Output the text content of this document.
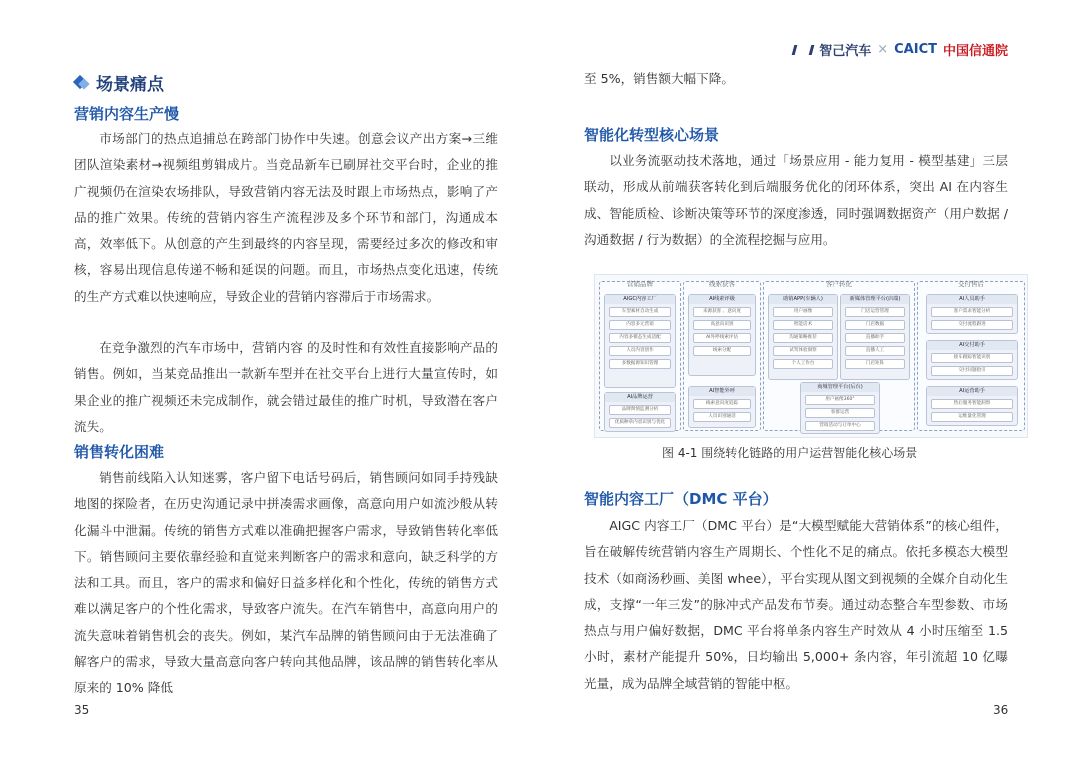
场景痛点
营销内容生产慢
市场部门的热点追捕总在跨部门协作中失速。创意会议产出方案→三维团队渲染素材→视频组剪辑成片。当竞品新车已刷屏社交平台时，企业的推广视频仍在渲染农场排队，导致营销内容无法及时跟上市场热点，影响了产品的推广效果。传统的营销内容生产流程涉及多个环节和部门，沟通成本高，效率低下。从创意的产生到最终的内容呈现，需要经过多次的修改和审核，容易出现信息传递不畅和延误的问题。而且，市场热点变化迅速，传统的生产方式难以快速响应，导致企业的营销内容滞后于市场需求。
在竞争激烈的汽车市场中，营销内容 的及时性和有效性直接影响产品的销售。例如，当某竞品推出一款新车型并在社交平台上进行大量宣传时，如果企业的推广视频还未完成制作，就会错过最佳的推广时机，导致潜在客户流失。
销售转化困难
销售前线陷入认知迷雾，客户留下电话号码后，销售顾问如同手持残缺地图的探险者，在历史沟通记录中拼凑需求画像，高意向用户如流沙般从转化漏斗中泄漏。传统的销售方式难以准确把握客户需求，导致销售转化率低下。销售顾问主要依靠经验和直觉来判断客户的需求和意向，缺乏科学的方法和工具。而且，客户的需求和偏好日益多样化和个性化，传统的销售方式难以满足客户的个性化需求，导致客户流失。在汽车销售中，高意向用户的流失意味着销售机会的丧失。例如，某汽车品牌的销售顾问由于无法准确了解客户的需求，导致大量高意向客户转向其他品牌，该品牌的销售转化率从原来的 10% 降低
35
智己汽车 × CAICT 中国信通院
至 5%，销售额大幅下降。
智能化转型核心场景
以业务流驱动技术落地，通过「场景应用 - 能力复用 - 模型基建」三层联动，形成从前端获客转化到后端服务优化的闭环体系，突出 AI 在内容生成、智能质检、诊断决策等环节的深度渗透，同时强调数据资产（用户数据 / 沟通数据 / 行为数据）的全流程挖掘与应用。
营销品牌
AIGC内容工厂
车型素材自动生成
内容多元营销
内容多模态生成适配
人员内容创作
多数据源知识管理
AI品牌运营
品牌舆情监测分析
优质种草内容识别与优化
线索获客
AI线索评级
来源获客 、意向度
高意向识别
AI外呼线索评估
线索分配
AI智能外呼
线索意向度追踪
人员识别通话
客户转化
助销APP(车辆人)
用户画像
智能话术
沟通策略推荐
试驾体验洞察
个人工作台
新媒体管理平台(店端)
门店运营管理
门店数据
直播助手
直播人工
门店矩阵
商城管理平台(后台)
用户画像360°
客群运营
营销活动与订单中心
交付售后
AI人员助手
客户需求智能分析
交付流程跟进
AI交付助手
接车跟踪智能识别
交付问题指引
AI运营助手
售后服务智能洞察
运维量化管理
图 4-1 围绕转化链路的用户运营智能化核心场景
智能内容工厂（DMC 平台）
AIGC 内容工厂（DMC 平台）是“大模型赋能大营销体系”的核心组件，旨在破解传统营销内容生产周期长、个性化不足的痛点。依托多模态大模型技术（如商汤秒画、美图 whee），平台实现从图文到视频的全媒介自动化生成，支撑“一年三发”的脉冲式产品发布节奏。通过动态整合车型参数、市场热点与用户偏好数据，DMC 平台将单条内容生产时效从 4 小时压缩至 1.5 小时，素材产能提升 50%，日均输出 5,000+ 条内容，年引流超 10 亿曝光量，成为品牌全域营销的智能中枢。
36
